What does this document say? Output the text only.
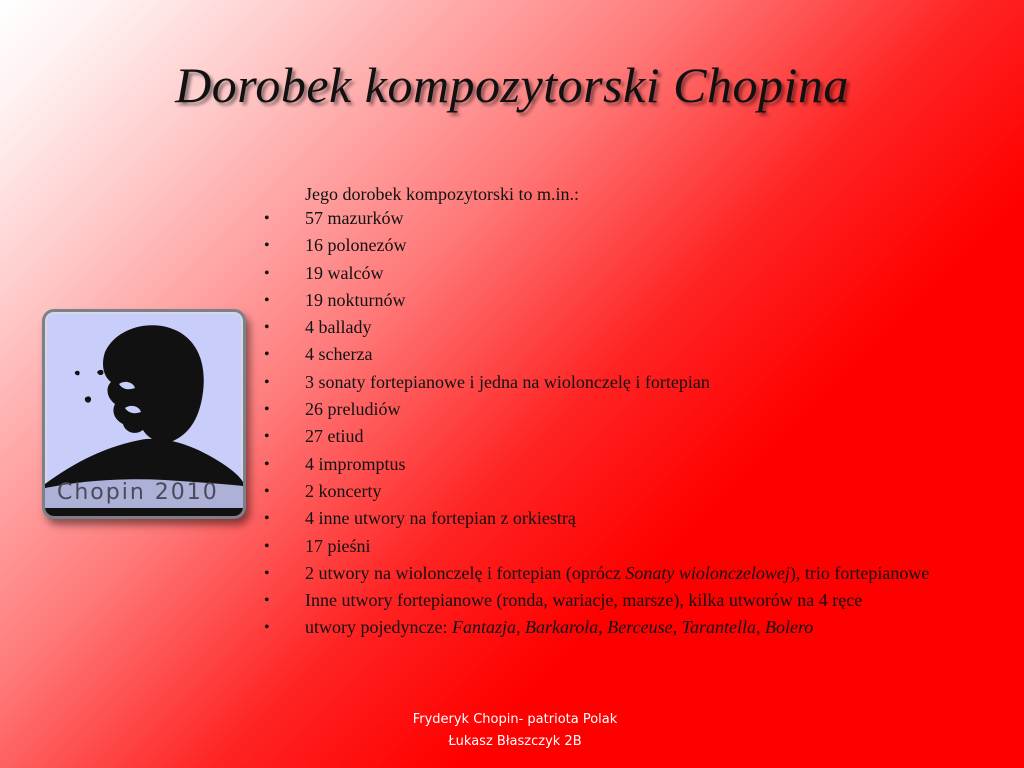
Dorobek kompozytorski Chopina
Chopin 2010

Jego dorobek kompozytorski to m.in.:

• 57 mazurków
• 16 polonezów
• 19 walców
• 19 nokturnów
• 4 ballady
• 4 scherza
• 3 sonaty fortepianowe i jedna na wiolonczelę i fortepian
• 26 preludiów
• 27 etiud
• 4 impromptus
• 2 koncerty
• 4 inne utwory na fortepian z orkiestrą
• 17 pieśni
• 2 utwory na wiolonczelę i fortepian (oprócz Sonaty wiolonczelowej), trio fortepianowe
• Inne utwory fortepianowe (ronda, wariacje, marsze), kilka utworów na 4 ręce
• utwory pojedyncze: Fantazja, Barkarola, Berceuse, Tarantella, Bolero

Fryderyk Chopin- patriota Polak

Łukasz Błaszczyk 2B
